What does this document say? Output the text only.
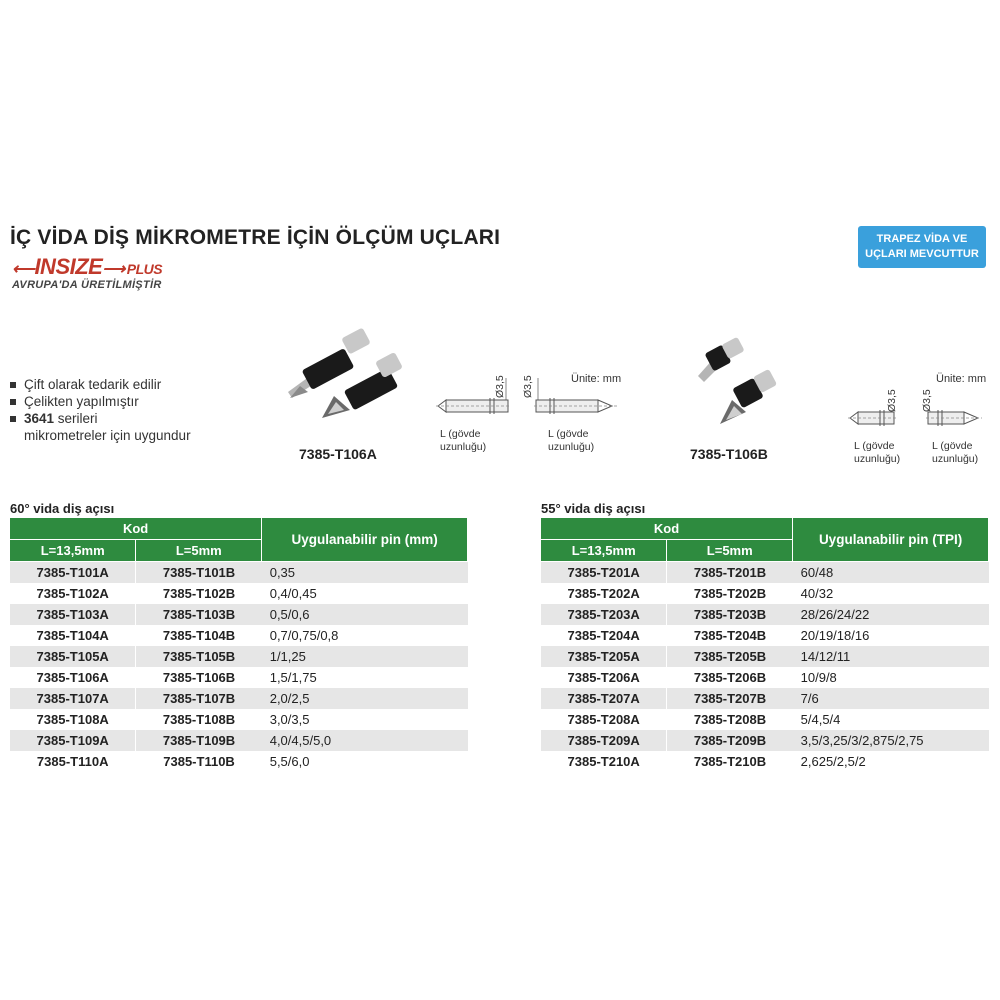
İÇ VİDA DİŞ MİKROMETRE İÇİN ÖLÇÜM UÇLARI
⟵INSIZE⟶ PLUS
AVRUPA'DA ÜRETİLMİŞTİR
TRAPEZ VİDA VE
UÇLARI MEVCUTTUR
Çift olarak tedarik edilir
Çelikten yapılmıştır
3641 serileri
mikrometreler için uygundur
7385-T106A
Ünite: mm
Ø3,5 Ø3,5
L (gövde
uzunluğu)
L (gövde
uzunluğu)	7385-T106B
Ünite: mm
Ø3,5 Ø3,5
L (gövde
uzunluğu)
L (gövde
uzunluğu)
60° vida diş açısı
Kod		Uygulanabilir pin (mm)
L=13,5mm	L=5mm	
7385-T101A	7385-T101B	0,35
7385-T102A	7385-T102B	0,4/0,45
7385-T103A	7385-T103B	0,5/0,6
7385-T104A	7385-T104B	0,7/0,75/0,8
7385-T105A	7385-T105B	1/1,25
7385-T106A	7385-T106B	1,5/1,75
7385-T107A	7385-T107B	2,0/2,5
7385-T108A	7385-T108B	3,0/3,5
7385-T109A	7385-T109B	4,0/4,5/5,0
7385-T110A	7385-T110B	5,5/6,0
55° vida diş açısı
Kod		Uygulanabilir pin (TPI)
L=13,5mm	L=5mm	
7385-T201A	7385-T201B	60/48
7385-T202A	7385-T202B	40/32
7385-T203A	7385-T203B	28/26/24/22
7385-T204A	7385-T204B	20/19/18/16
7385-T205A	7385-T205B	14/12/11
7385-T206A	7385-T206B	10/9/8
7385-T207A	7385-T207B	7/6
7385-T208A	7385-T208B	5/4,5/4
7385-T209A	7385-T209B	3,5/3,25/3/2,875/2,75
7385-T210A	7385-T210B	2,625/2,5/2
